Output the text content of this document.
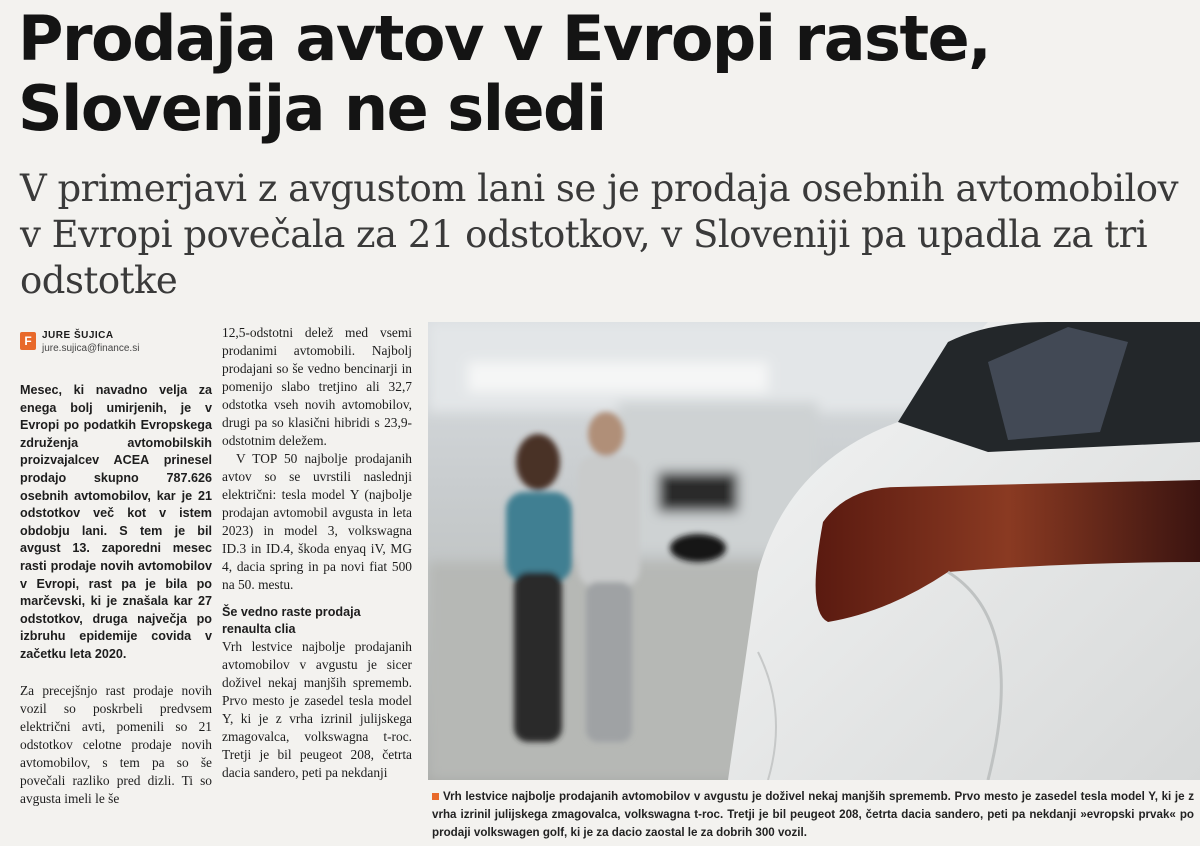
Prodaja avtov v Evropi raste, Slovenija ne sledi

V primerjavi z avgustom lani se je prodaja osebnih avtomobilov v Evropi povečala za 21 odstotkov, v Sloveniji pa upadla za tri odstotke

F	JURE ŠUJICA
jure.sujica@finance.si

Mesec, ki navadno velja za enega bolj umirjenih, je v Evropi po podatkih Evropskega združenja avtomobilskih proizvajalcev ACEA prinesel prodajo skupno 787.626 osebnih avtomobilov, kar je 21 odstotkov več kot v istem obdobju lani. S tem je bil avgust 13. zaporedni mesec rasti prodaje novih avtomobilov v Evropi, rast pa je bila po marčevski, ki je znašala kar 27 odstotkov, druga največja po izbruhu epidemije covida v začetku leta 2020.

Za precejšnjo rast prodaje novih vozil so poskrbeli predvsem električni avti, pomenili so 21 odstotkov celotne prodaje novih avtomobilov, s tem pa so še povečali razliko pred dizli. Ti so avgusta imeli le še

12,5-odstotni delež med vsemi prodanimi avtomobili. Najbolj prodajani so še vedno bencinarji in pomenijo slabo tretjino ali 32,7 odstotka vseh novih avtomobilov, drugi pa so klasični hibridi s 23,9-odstotnim deležem.

V TOP 50 najbolje prodajanih avtov so se uvrstili naslednji električni: tesla model Y (najbolje prodajan avtomobil avgusta in leta 2023) in model 3, volkswagna ID.3 in ID.4, škoda enyaq iV, MG 4, dacia spring in pa novi fiat 500 na 50. mestu.

Še vedno raste prodaja renaulta clia

Vrh lestvice najbolje prodajanih avtomobilov v avgustu je sicer doživel nekaj manjših sprememb. Prvo mesto je zasedel tesla model Y, ki je z vrha izrinil julijskega zmagovalca, volkswagna t-roc. Tretji je bil peugeot 208, četrta dacia sandero, peti pa nekdanji

Vrh lestvice najbolje prodajanih avtomobilov v avgustu je doživel nekaj manjših sprememb. Prvo mesto je zasedel tesla model Y, ki je z vrha izrinil julijskega zmagovalca, volkswagna t-roc. Tretji je bil peugeot 208, četrta dacia sandero, peti pa nekdanji »evropski prvak« po prodaji volkswagen golf, ki je za dacio zaostal le za dobrih 300 vozil.
